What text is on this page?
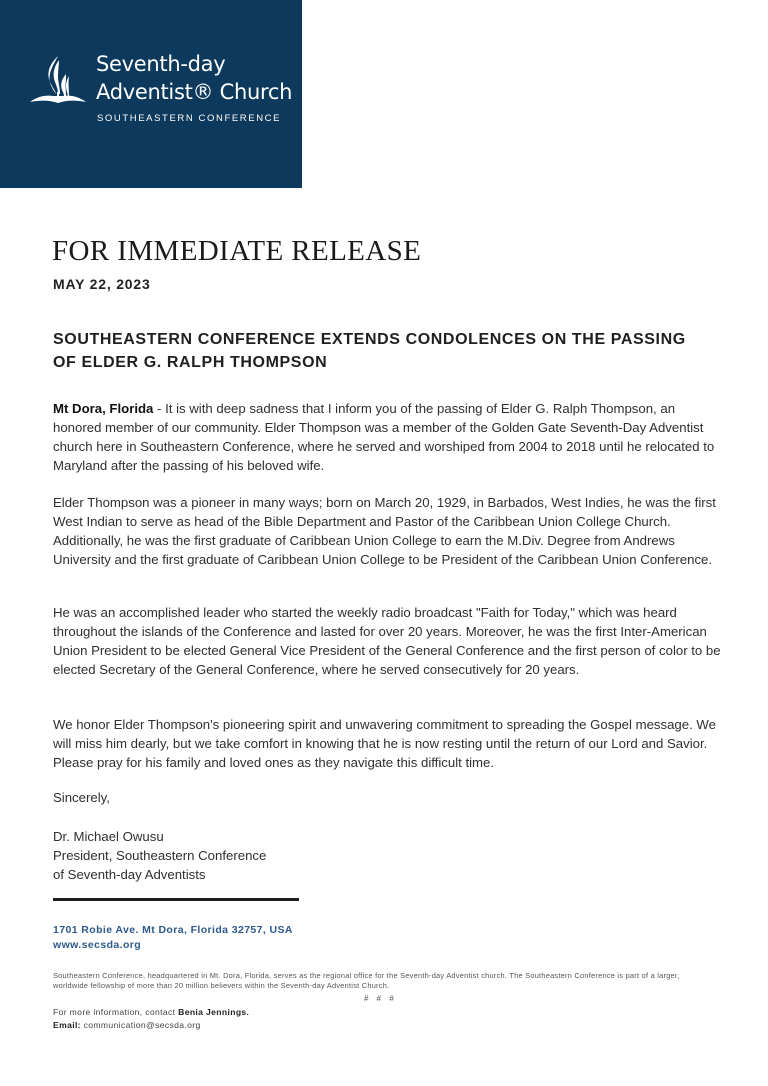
Seventh-day
Adventist® Church
SOUTHEASTERN CONFERENCE
FOR IMMEDIATE RELEASE
MAY 22, 2023
SOUTHEASTERN CONFERENCE EXTENDS CONDOLENCES ON THE PASSING OF ELDER G. RALPH THOMPSON

Mt Dora, Florida - It is with deep sadness that I inform you of the passing of Elder G. Ralph Thompson, an honored member of our community. Elder Thompson was a member of the Golden Gate Seventh-Day Adventist church here in Southeastern Conference, where he served and worshiped from 2004 to 2018 until he relocated to Maryland after the passing of his beloved wife.

Elder Thompson was a pioneer in many ways; born on March 20, 1929, in Barbados, West Indies, he was the first West Indian to serve as head of the Bible Department and Pastor of the Caribbean Union College Church. Additionally, he was the first graduate of Caribbean Union College to earn the M.Div. Degree from Andrews University and the first graduate of Caribbean Union College to be President of the Caribbean Union Conference.

He was an accomplished leader who started the weekly radio broadcast "Faith for Today," which was heard throughout the islands of the Conference and lasted for over 20 years. Moreover, he was the first Inter-American Union President to be elected General Vice President of the General Conference and the first person of color to be elected Secretary of the General Conference, where he served consecutively for 20 years.

We honor Elder Thompson's pioneering spirit and unwavering commitment to spreading the Gospel message. We will miss him dearly, but we take comfort in knowing that he is now resting until the return of our Lord and Savior. Please pray for his family and loved ones as they navigate this difficult time.

Sincerely,
Dr. Michael Owusu
President, Southeastern Conference
of Seventh-day Adventists
1701 Robie Ave. Mt Dora, Florida 32757, USA
www.secsda.org
Southeastern Conference, headquartered in Mt. Dora, Florida, serves as the regional office for the Seventh-day Adventist church. The Southeastern Conference is part of a larger, worldwide fellowship of more than 20 million believers within the Seventh-day Adventist Church.
# # #
For more information, contact Benia Jennings.
Email: communication@secsda.org
